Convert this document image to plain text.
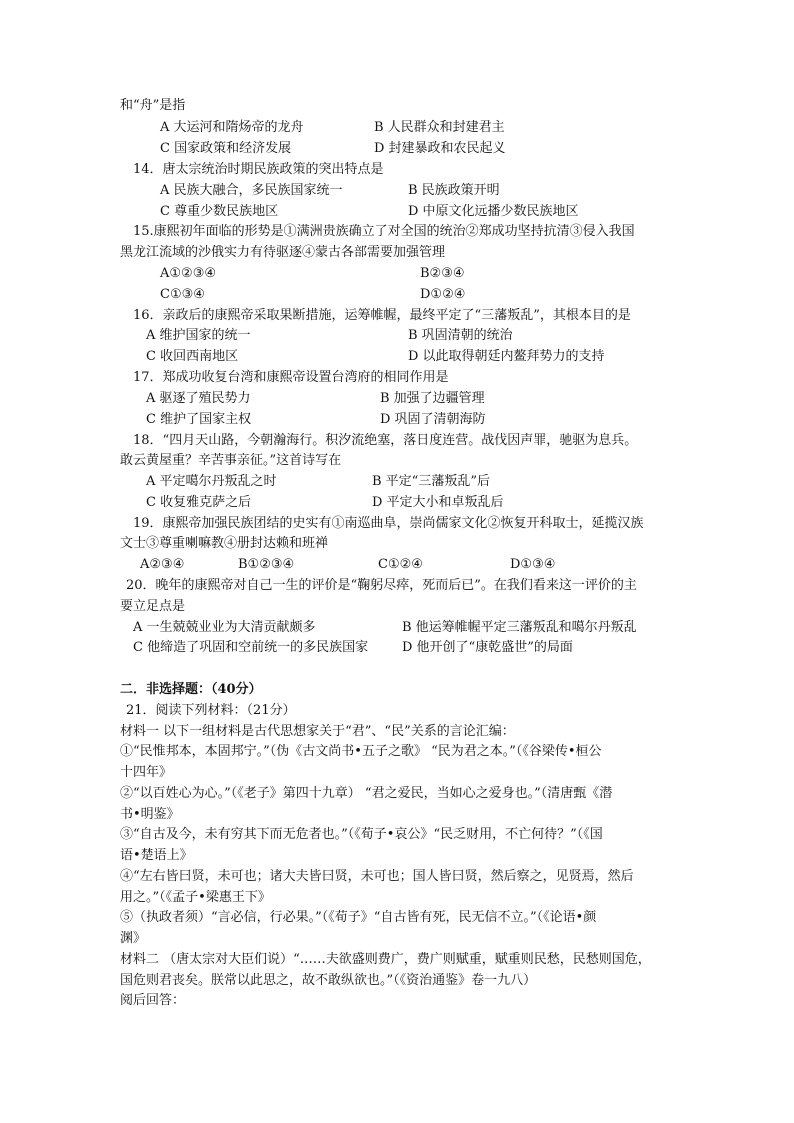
和“舟”是指
A 大运河和隋炀帝的龙舟	B 人民群众和封建君主
C 国家政策和经济发展	D 封建暴政和农民起义
14．唐太宗统治时期民族政策的突出特点是
A 民族大融合，多民族国家统一	B 民族政策开明
C 尊重少数民族地区	D 中原文化远播少数民族地区
15.康熙初年面临的形势是①满洲贵族确立了对全国的统治②郑成功坚持抗清③侵入我国
黑龙江流域的沙俄实力有待驱逐④蒙古各部需要加强管理
A①②③④	B②③④
C①③④	D①②④
16．亲政后的康熙帝采取果断措施，运筹帷幄，最终平定了“三藩叛乱”，其根本目的是
A 维护国家的统一	B 巩固清朝的统治
C 收回西南地区	D 以此取得朝廷内鳌拜势力的支持
17．郑成功收复台湾和康熙帝设置台湾府的相同作用是
A 驱逐了殖民势力	B 加强了边疆管理
C 维护了国家主权	D 巩固了清朝海防
18．“四月天山路，今朝瀚海行。积汐流绝塞，落日度连营。战伐因声罪，驰驱为息兵。
敢云黄屋重？辛苦事亲征。”这首诗写在
A 平定噶尔丹叛乱之时	B 平定“三藩叛乱”后
C 收复雅克萨之后	D 平定大小和卓叛乱后
19．康熙帝加强民族团结的史实有①南巡曲阜，崇尚儒家文化②恢复开科取士，延揽汉族
文士③尊重喇嘛教④册封达赖和班禅
A②③④	B①②③④	C①②④	D①③④
20．晚年的康熙帝对自己一生的评价是“鞠躬尽瘁，死而后已”。在我们看来这一评价的主
要立足点是
A 一生兢兢业业为大清贡献颇多	B 他运筹帷幄平定三藩叛乱和噶尔丹叛乱
C 他缔造了巩固和空前统一的多民族国家	D 他开创了“康乾盛世”的局面
二．非选择题：（40分）
21．阅读下列材料：（21分）
材料一 以下一组材料是古代思想家关于“君”、“民”关系的言论汇编：
①“民惟邦本，本固邦宁。”（伪《古文尚书•五子之歌》 “民为君之本。”（《谷梁传•桓公
十四年》
②“以百姓心为心。”（《老子》第四十九章） “君之爱民，当如心之爱身也。”（清唐甄《潜
书•明鉴》
③“自古及今，未有穷其下而无危者也。”（《荀子•哀公》“民乏财用，不亡何待？”（《国
语•楚语上》
④“左右皆曰贤，未可也；诸大夫皆曰贤，未可也；国人皆曰贤，然后察之，见贤焉，然后
用之。”（《孟子•梁惠王下》
⑤（执政者须）“言必信，行必果。”（《荀子》“自古皆有死，民无信不立。”（《论语•颜
渊》
材料二 （唐太宗对大臣们说）“……夫欲盛则费广，费广则赋重，赋重则民愁，民愁则国危，
国危则君丧矣。朕常以此思之，故不敢纵欲也。”（《资治通鉴》卷一九八）
阅后回答：
